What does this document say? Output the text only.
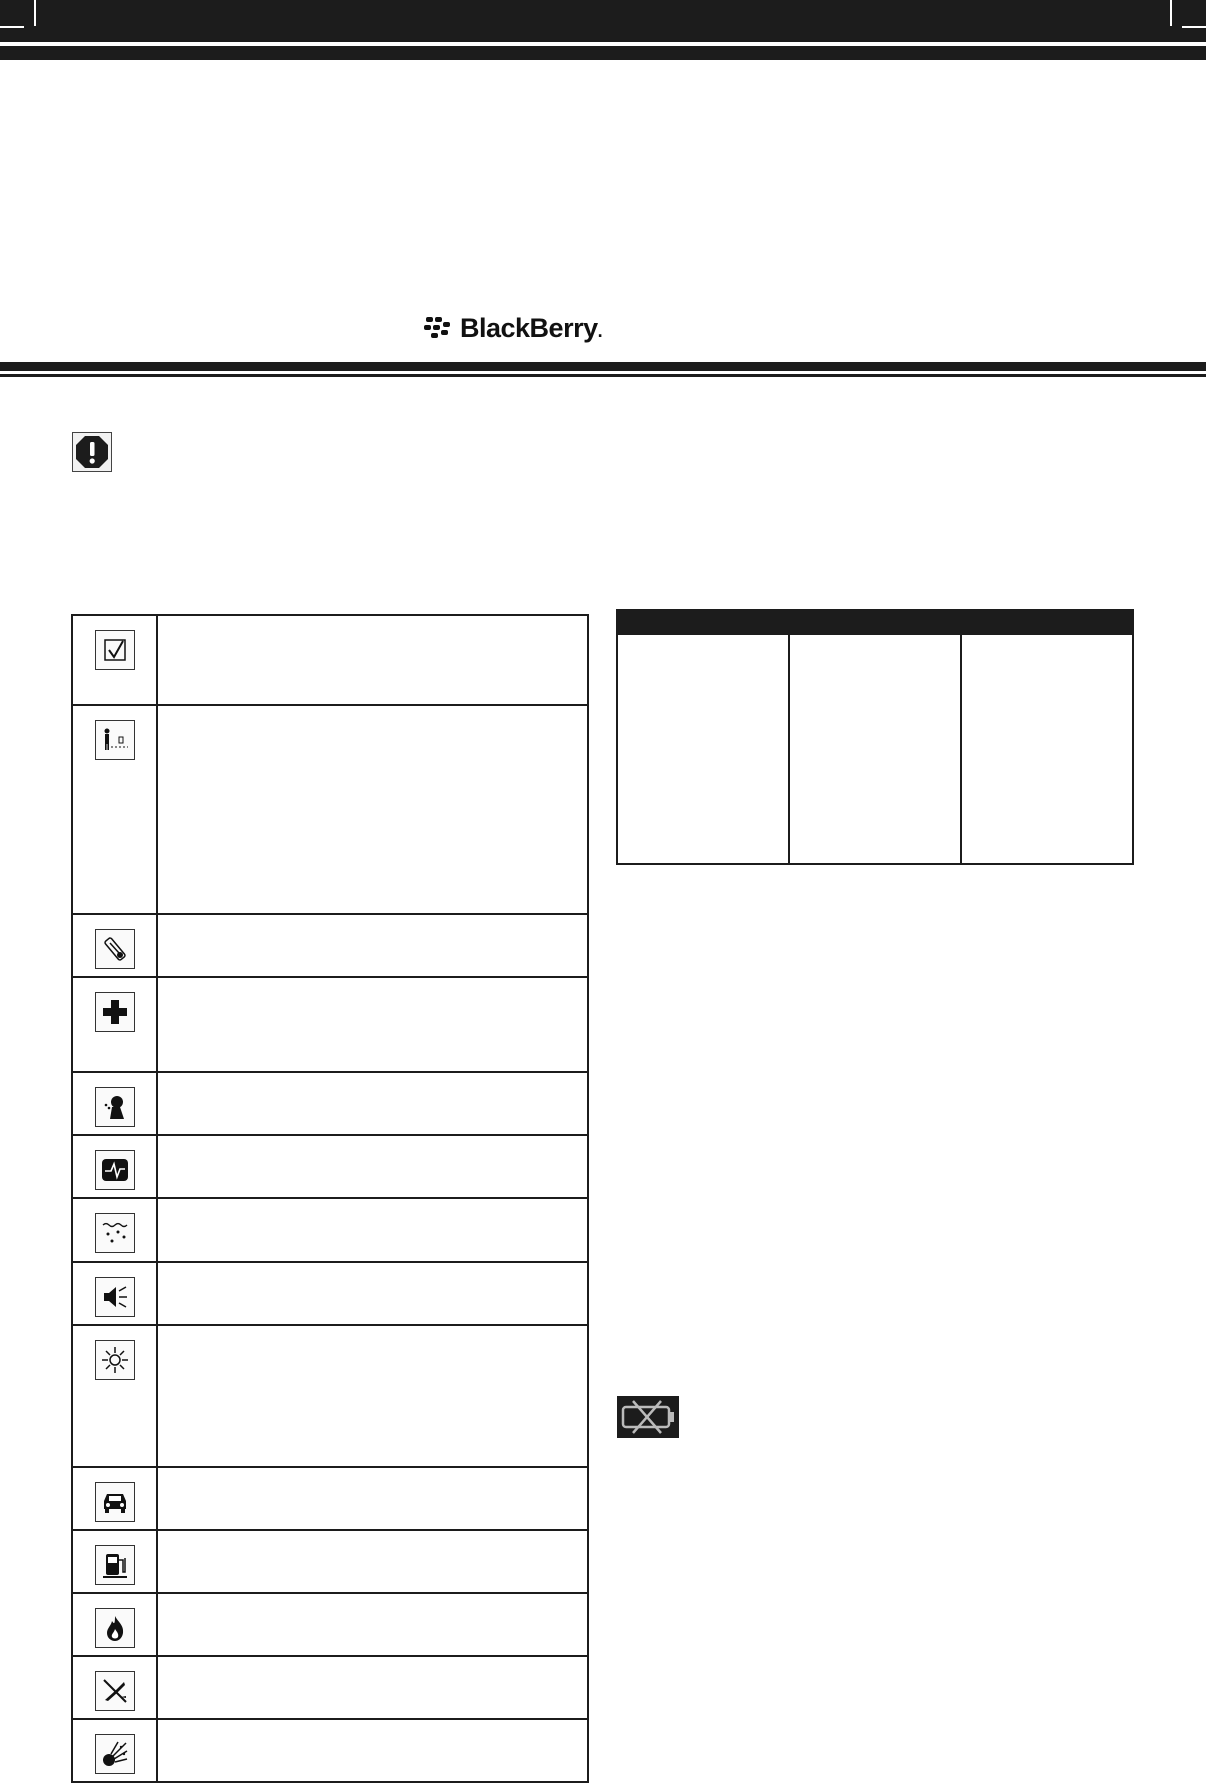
BlackBerry.
